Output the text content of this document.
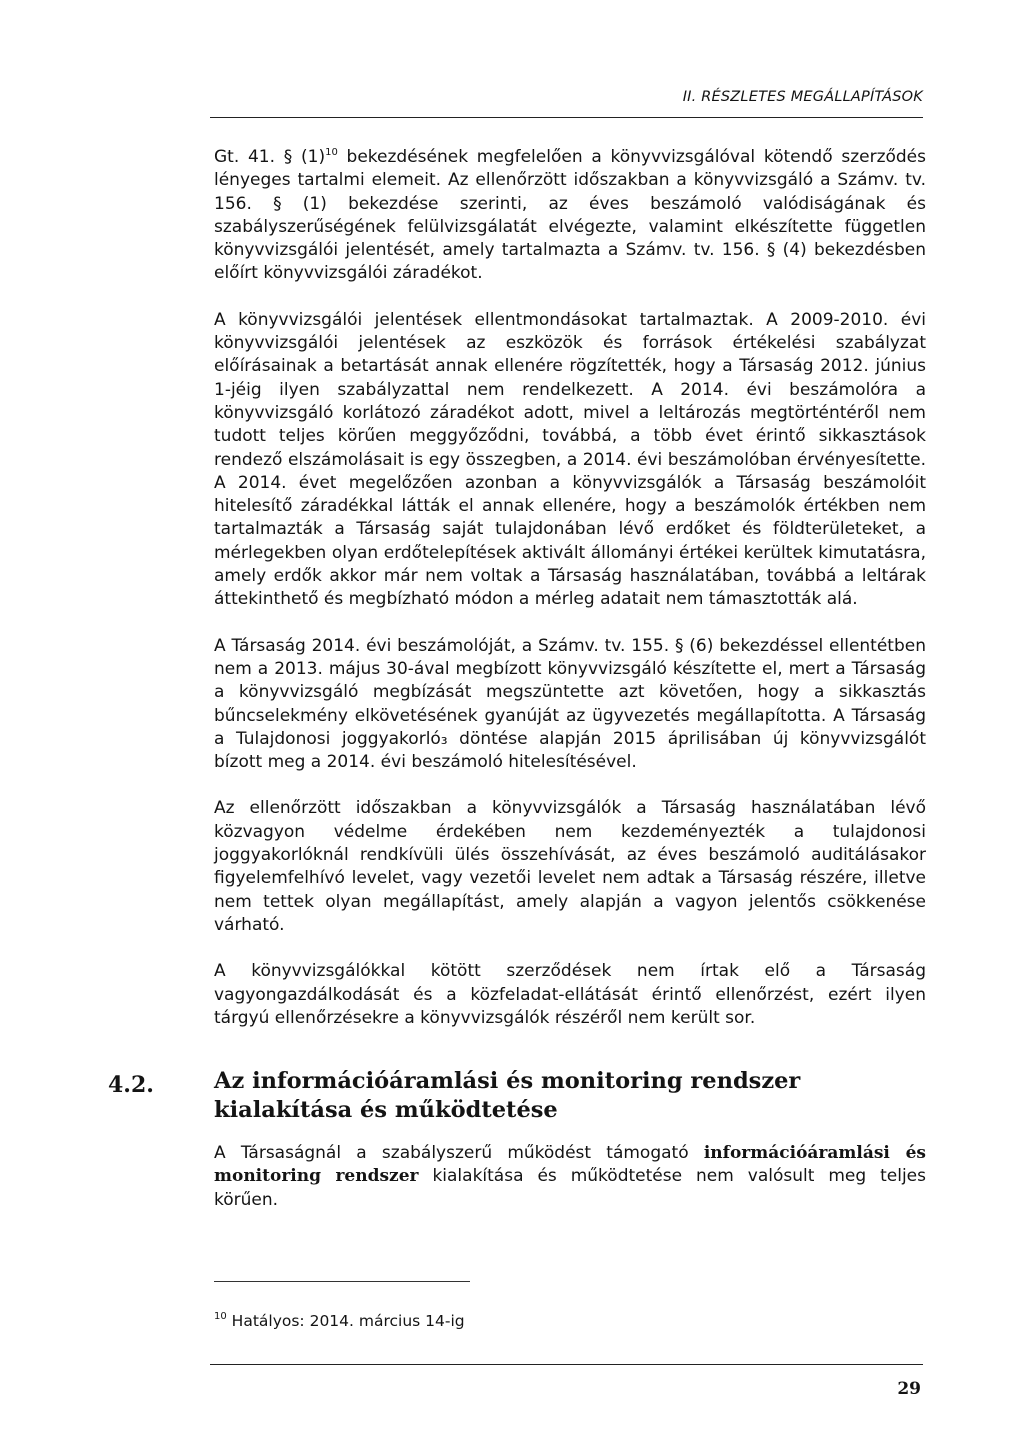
II. RÉSZLETES MEGÁLLAPÍTÁSOK

Gt. 41. § $(1)^{10}$ bekezdésének megfelelően a könyvvizsgálóval kötendő szerződés lényeges tartalmi elemeit. Az ellenőrzött időszakban a könyvvizsgáló a Számv. tv. 156. § (1) bekezdése szerinti, az éves beszámoló valódiságának és szabályszerűségének felülvizsgálatát elvégezte, valamint elkészítette független könyvvizsgálói jelentését, amely tartalmazta a Számv. tv. 156. § (4) bekezdésben előírt könyvvizsgálói záradékot.

A könyvvizsgálói jelentések ellentmondásokat tartalmaztak. A 2009-2010. évi könyvvizsgálói jelentések az eszközök és források értékelési szabályzat előírásainak a betartását annak ellenére rögzítették, hogy a Társaság 2012. június 1-jéig ilyen szabályzattal nem rendelkezett. A 2014. évi beszámolóra a könyvvizsgáló korlátozó záradékot adott, mivel a leltározás megtörténtéről nem tudott teljes körűen meggyőződni, továbbá, a több évet érintő sikkasztások rendező elszámolásait is egy összegben, a 2014. évi beszámolóban érvényesítette. A 2014. évet megelőzően azonban a könyvvizsgálók a Társaság beszámolóit hitelesítő záradékkal látták el annak ellenére, hogy a beszámolók értékben nem tartalmazták a Társaság saját tulajdonában lévő erdőket és földterületeket, a mérlegekben olyan erdőtelepítések aktivált állományi értékei kerültek kimutatásra, amely erdők akkor már nem voltak a Társaság használatában, továbbá a leltárak áttekinthető és megbízható módon a mérleg adatait nem támasztották alá.

A Társaság 2014. évi beszámolóját, a Számv. tv. 155. § (6) bekezdéssel ellentétben nem a 2013. május 30-ával megbízott könyvvizsgáló készítette el, mert a Társaság a könyvvizsgáló megbízását megszüntette azt követően, hogy a sikkasztás bűncselekmény elkövetésének gyanúját az ügyvezetés megállapította. A Társaság a Tulajdonosi joggyakorló₃ döntése alapján 2015 áprilisában új könyvvizsgálót bízott meg a 2014. évi beszámoló hitelesítésével.

Az ellenőrzött időszakban a könyvvizsgálók a Társaság használatában lévő közvagyon védelme érdekében nem kezdeményezték a tulajdonosi joggyakorlóknál rendkívüli ülés összehívását, az éves beszámoló auditálásakor figyelemfelhívó levelet, vagy vezetői levelet nem adtak a Társaság részére, illetve nem tettek olyan megállapítást, amely alapján a vagyon jelentős csökkenése várható.

A könyvvizsgálókkal kötött szerződések nem írtak elő a Társaság vagyongazdálkodását és a közfeladat-ellátását érintő ellenőrzést, ezért ilyen tárgyú ellenőrzésekre a könyvvizsgálók részéről nem került sor.

4.2.	Az információáramlási és monitoring rendszer kialakítása és működtetése

A Társaságnál a szabályszerű működést támogató információáramlási és monitoring rendszer kialakítása és működtetése nem valósult meg teljes körűen.

$^{10}$ Hatályos: 2014. március 14-ig
29
